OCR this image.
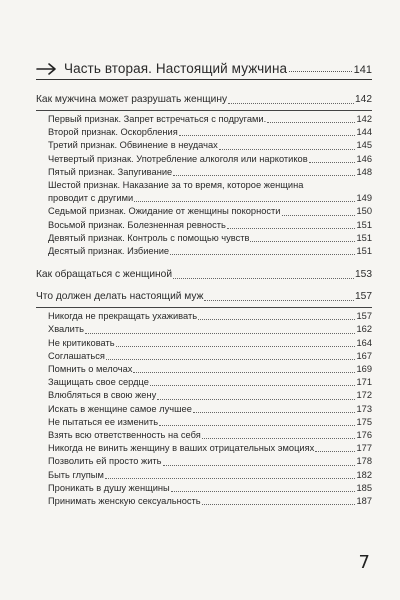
Часть вторая. Настоящий мужчина	141
Как мужчина может разрушать женщину	142
Первый признак. Запрет встречаться с подругами.	142
Второй признак. Оскорбления	144
Третий признак. Обвинение в неудачах	145
Четвертый признак. Употребление алкоголя или наркотиков	146
Пятый признак. Запугивание	148
Шестой признак. Наказание за то время, которое женщина
проводит с другими	149
Седьмой признак. Ожидание от женщины покорности	150
Восьмой признак. Болезненная ревность	151
Девятый признак. Контроль с помощью чувств	151
Десятый признак. Избиение	151
Как обращаться с женщиной	153
Что должен делать настоящий муж	157
Никогда не прекращать ухаживать	157
Хвалить	162
Не критиковать	164
Соглашаться	167
Помнить о мелочах	169
Защищать свое сердце	171
Влюбляться в свою жену	172
Искать в женщине самое лучшее	173
Не пытаться ее изменить	175
Взять всю ответственность на себя	176
Никогда не винить женщину в ваших отрицательных эмоциях	177
Позволить ей просто жить	178
Быть глупым	182
Проникать в душу женщины	185
Принимать женскую сексуальность	187
7
